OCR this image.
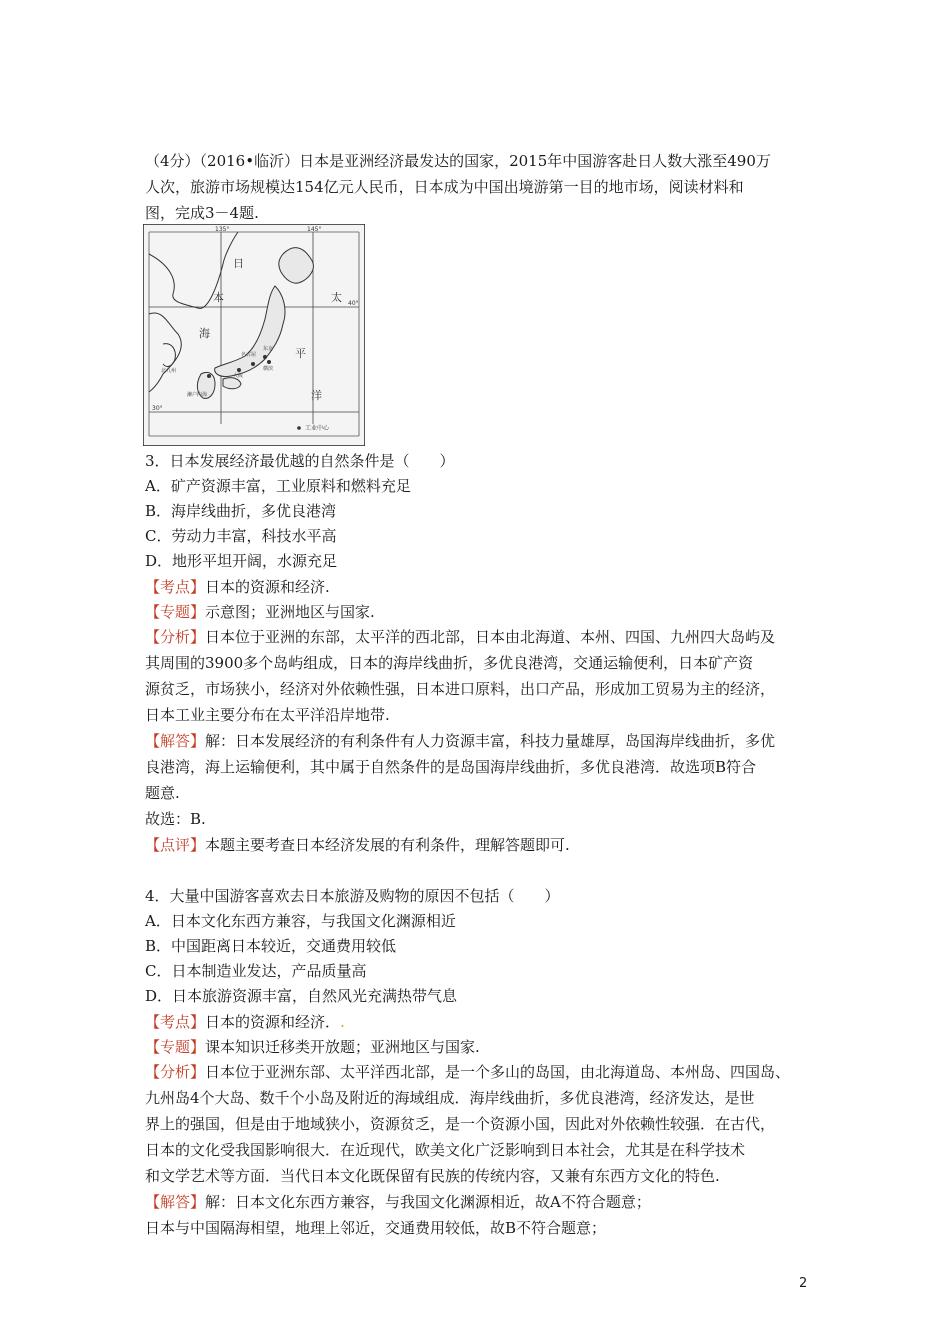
（4分）（2016•临沂）日本是亚洲经济最发达的国家，2015年中国游客赴日人数大涨至490万
人次，旅游市场规模达154亿元人民币，日本成为中国出境游第一目的地市场，阅读材料和
图，完成3－4题.
135°	145°
40°
30°
日
本
海
太
平
洋
名古屋
东京
大阪
横滨
北九州
濑户内海
工业中心
3．日本发展经济最优越的自然条件是（　　）
A．矿产资源丰富，工业原料和燃料充足
B．海岸线曲折，多优良港湾
C．劳动力丰富，科技水平高
D．地形平坦开阔，水源充足
【考点】日本的资源和经济.
【专题】示意图；亚洲地区与国家.
【分析】日本位于亚洲的东部，太平洋的西北部，日本由北海道、本州、四国、九州四大岛屿及
其周围的3900多个岛屿组成，日本的海岸线曲折，多优良港湾，交通运输便利，日本矿产资
源贫乏，市场狭小，经济对外依赖性强，日本进口原料，出口产品，形成加工贸易为主的经济，
日本工业主要分布在太平洋沿岸地带.
【解答】解：日本发展经济的有利条件有人力资源丰富，科技力量雄厚，岛国海岸线曲折，多优
良港湾，海上运输便利，其中属于自然条件的是岛国海岸线曲折，多优良港湾．故选项B符合
题意.
故选：B.
【点评】本题主要考查日本经济发展的有利条件，理解答题即可.
4．大量中国游客喜欢去日本旅游及购物的原因不包括（　　）
A．日本文化东西方兼容，与我国文化渊源相近
B．中国距离日本较近，交通费用较低
C．日本制造业发达，产品质量高
D．日本旅游资源丰富，自然风光充满热带气息
【考点】日本的资源和经济．.
【专题】课本知识迁移类开放题；亚洲地区与国家.
【分析】日本位于亚洲东部、太平洋西北部，是一个多山的岛国，由北海道岛、本州岛、四国岛、
九州岛4个大岛、数千个小岛及附近的海域组成．海岸线曲折，多优良港湾，经济发达，是世
界上的强国，但是由于地域狭小，资源贫乏，是一个资源小国，因此对外依赖性较强．在古代，
日本的文化受我国影响很大．在近现代，欧美文化广泛影响到日本社会，尤其是在科学技术
和文学艺术等方面．当代日本文化既保留有民族的传统内容，又兼有东西方文化的特色.
【解答】解：日本文化东西方兼容，与我国文化渊源相近，故A不符合题意；
日本与中国隔海相望，地理上邻近，交通费用较低，故B不符合题意；
2
